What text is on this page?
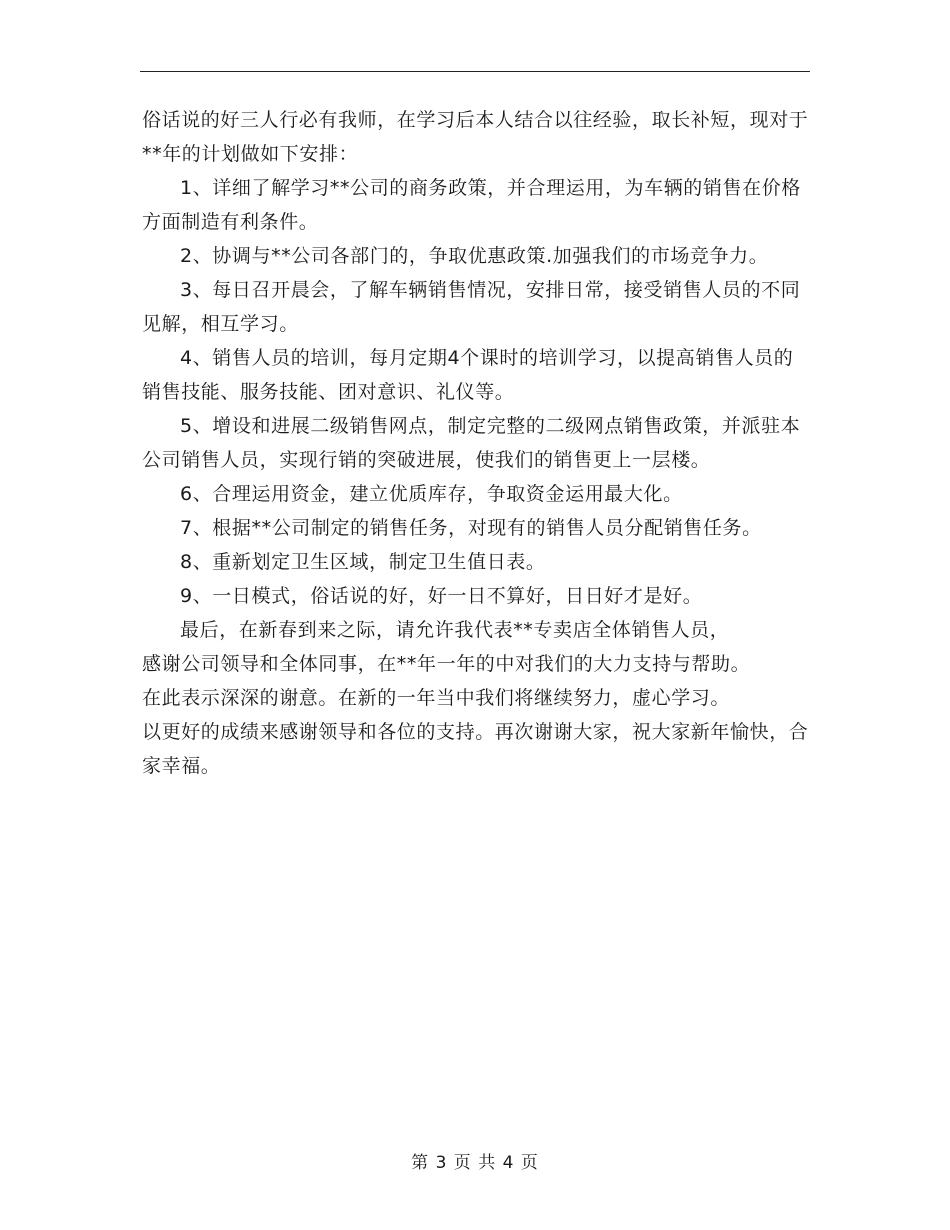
俗话说的好三人行必有我师，在学习后本人结合以往经验，取长补短，现对于**年的计划做如下安排：

1、详细了解学习**公司的商务政策，并合理运用，为车辆的销售在价格方面制造有利条件。

2、协调与**公司各部门的，争取优惠政策.加强我们的市场竞争力。

3、每日召开晨会，了解车辆销售情况，安排日常，接受销售人员的不同见解，相互学习。

4、销售人员的培训，每月定期4个课时的培训学习，以提高销售人员的销售技能、服务技能、团对意识、礼仪等。

5、增设和进展二级销售网点，制定完整的二级网点销售政策，并派驻本公司销售人员，实现行销的突破进展，使我们的销售更上一层楼。

6、合理运用资金，建立优质库存，争取资金运用最大化。

7、根据**公司制定的销售任务，对现有的销售人员分配销售任务。

8、重新划定卫生区域，制定卫生值日表。

9、一日模式，俗话说的好，好一日不算好，日日好才是好。

最后，在新春到来之际，请允许我代表**专卖店全体销售人员，

感谢公司领导和全体同事，在**年一年的中对我们的大力支持与帮助。

在此表示深深的谢意。在新的一年当中我们将继续努力，虚心学习。

以更好的成绩来感谢领导和各位的支持。再次谢谢大家，祝大家新年愉快，合家幸福。

第 3 页 共 4 页
